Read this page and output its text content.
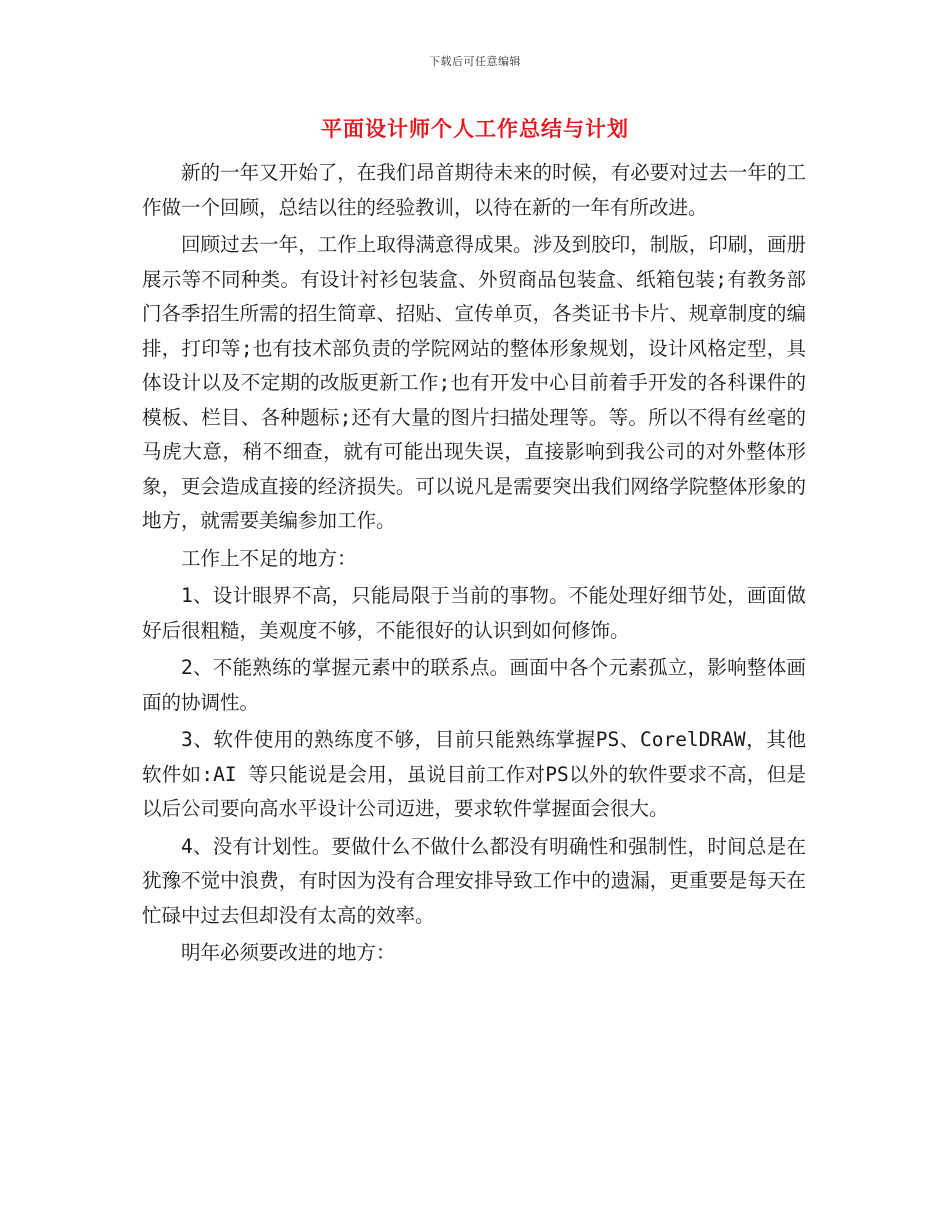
下载后可任意编辑
平面设计师个人工作总结与计划

新的一年又开始了，在我们昂首期待未来的时候，有必要对过去一年的工作做一个回顾，总结以往的经验教训，以待在新的一年有所改进。

回顾过去一年，工作上取得满意得成果。涉及到胶印，制版，印刷，画册展示等不同种类。有设计衬衫包装盒、外贸商品包装盒、纸箱包装;有教务部门各季招生所需的招生简章、招贴、宣传单页，各类证书卡片、规章制度的编排，打印等;也有技术部负责的学院网站的整体形象规划，设计风格定型，具体设计以及不定期的改版更新工作;也有开发中心目前着手开发的各科课件的模板、栏目、各种题标;还有大量的图片扫描处理等。等。所以不得有丝毫的马虎大意，稍不细查，就有可能出现失误，直接影响到我公司的对外整体形象，更会造成直接的经济损失。可以说凡是需要突出我们网络学院整体形象的地方，就需要美编参加工作。

工作上不足的地方：

1、设计眼界不高，只能局限于当前的事物。不能处理好细节处，画面做好后很粗糙，美观度不够，不能很好的认识到如何修饰。

2、不能熟练的掌握元素中的联系点。画面中各个元素孤立，影响整体画面的协调性。

3、软件使用的熟练度不够，目前只能熟练掌握PS、CorelDRAW，其他软件如:AI 等只能说是会用，虽说目前工作对PS以外的软件要求不高，但是以后公司要向高水平设计公司迈进，要求软件掌握面会很大。

4、没有计划性。要做什么不做什么都没有明确性和强制性，时间总是在犹豫不觉中浪费，有时因为没有合理安排导致工作中的遗漏，更重要是每天在忙碌中过去但却没有太高的效率。

明年必须要改进的地方：
